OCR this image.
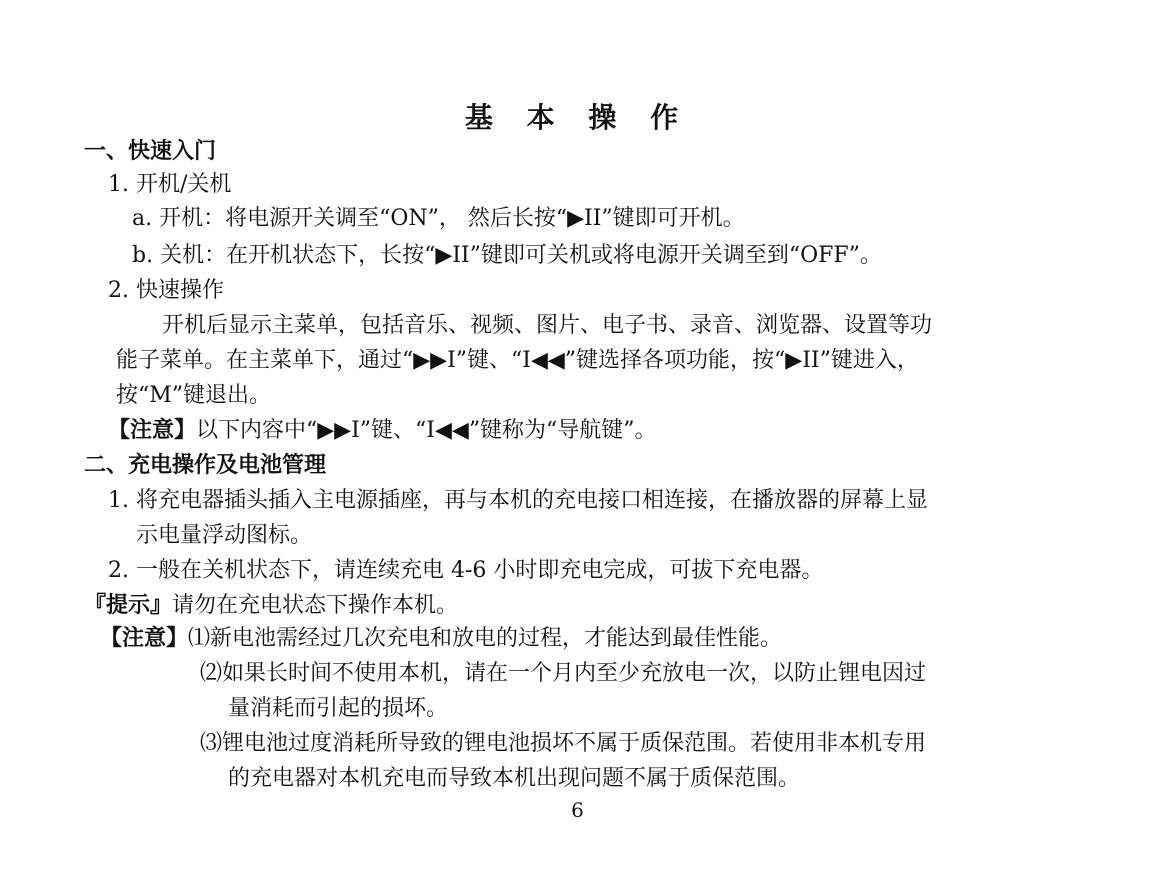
基 本 操 作
一、快速入门
1. 开机/关机
a. 开机：将电源开关调至“ON”， 然后长按“▶II”键即可开机。
b. 关机：在开机状态下，长按“▶II”键即可关机或将电源开关调至到“OFF”。
2. 快速操作
开机后显示主菜单，包括音乐、视频、图片、电子书、录音、浏览器、设置等功
能子菜单。在主菜单下，通过“▶▶I”键、“I◀◀”键选择各项功能，按“▶II”键进入，
按“M”键退出。
【注意】以下内容中“▶▶I”键、“I◀◀”键称为“导航键”。
二、充电操作及电池管理
1. 将充电器插头插入主电源插座，再与本机的充电接口相连接，在播放器的屏幕上显
示电量浮动图标。
2. 一般在关机状态下，请连续充电 4-6 小时即充电完成，可拔下充电器。
『提示』请勿在充电状态下操作本机。
【注意】⑴新电池需经过几次充电和放电的过程，才能达到最佳性能。
⑵如果长时间不使用本机，请在一个月内至少充放电一次，以防止锂电因过
量消耗而引起的损坏。
⑶锂电池过度消耗所导致的锂电池损坏不属于质保范围。若使用非本机专用
的充电器对本机充电而导致本机出现问题不属于质保范围。
6
